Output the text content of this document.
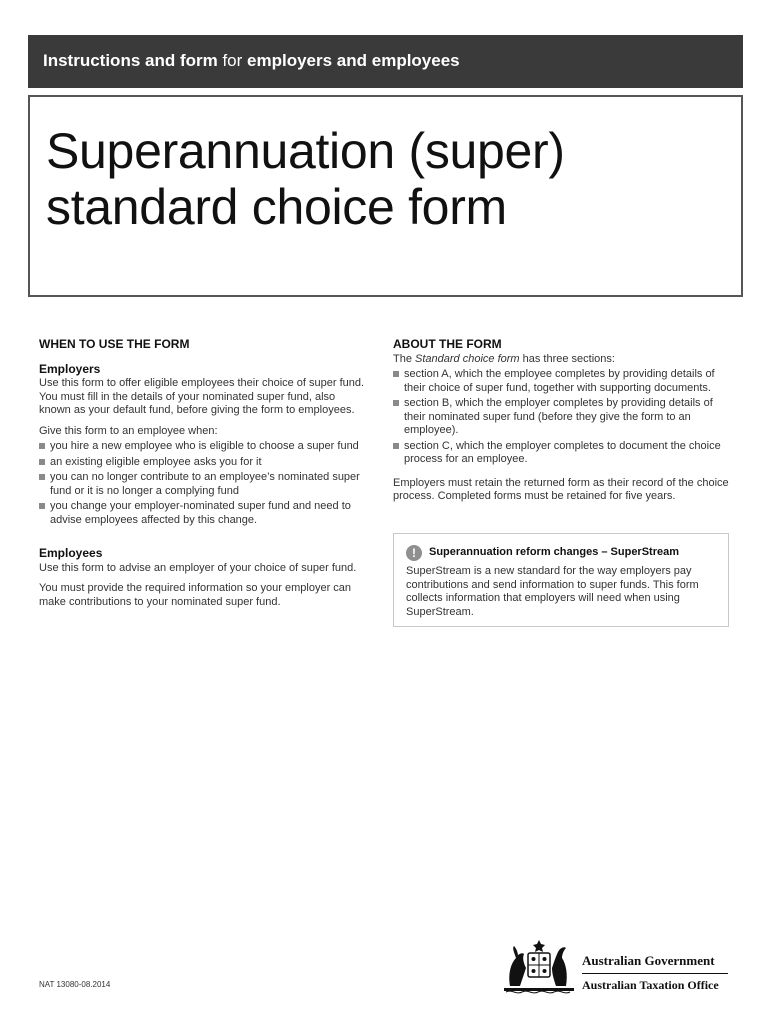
Instructions and form for employers and employees
Superannuation (super)
standard choice form
WHEN TO USE THE FORM
Employers

Use this form to offer eligible employees their choice of super fund. You must fill in the details of your nominated super fund, also known as your default fund, before giving the form to employees.

Give this form to an employee when:

you hire a new employee who is eligible to choose a super fund
an existing eligible employee asks you for it
you can no longer contribute to an employee’s nominated super fund or it is no longer a complying fund
you change your employer-nominated super fund and need to advise employees affected by this change.
Employees

Use this form to advise an employer of your choice of super fund.

You must provide the required information so your employer can make contributions to your nominated super fund.

ABOUT THE FORM

The Standard choice form has three sections:

section A, which the employee completes by providing details of their choice of super fund, together with supporting documents.
section B, which the employer completes by providing details of their nominated super fund (before they give the form to an employee).
section C, which the employer completes to document the choice process for an employee.

Employers must retain the returned form as their record of the choice process. Completed forms must be retained for five years.

!	Superannuation reform changes – SuperStream
SuperStream is a new standard for the way employers pay contributions and send information to super funds. This form collects information that employers will need when using SuperStream.
NAT 13080-08.2014
Australian Government
Australian Taxation Office
